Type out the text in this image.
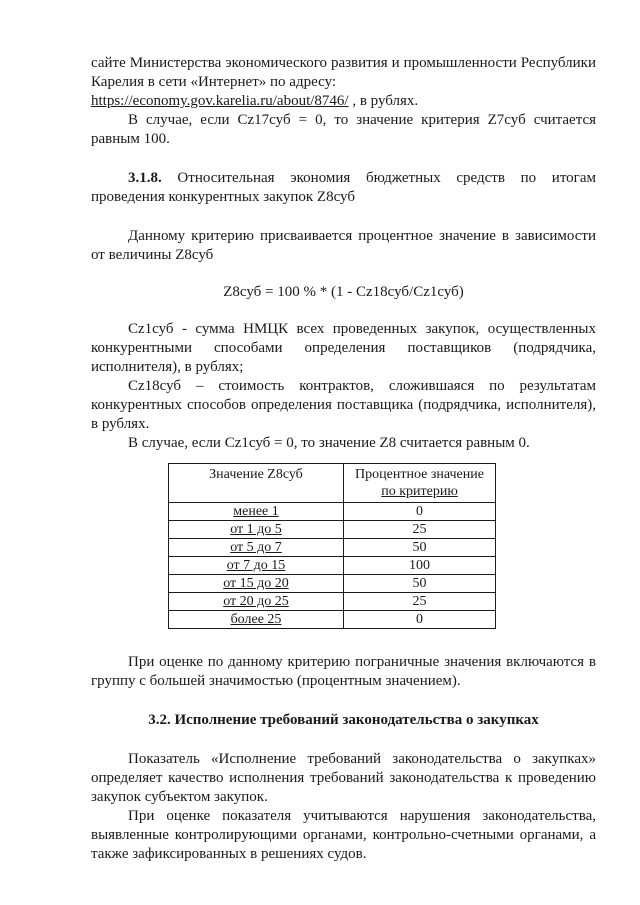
сайте Министерства экономического развития и промышленности Республики Карелия в сети «Интернет» по адресу:
https://economy.gov.karelia.ru/about/8746/ , в рублях.

В случае, если Cz17суб = 0, то значение критерия Z7суб считается равным 100.

3.1.8. Относительная экономия бюджетных средств по итогам проведения конкурентных закупок Z8суб

Данному критерию присваивается процентное значение в зависимости от величины Z8суб

Z8суб = 100 % * (1 - Cz18суб/Cz1суб)

Cz1суб - сумма НМЦК всех проведенных закупок, осуществленных конкурентными способами определения поставщиков (подрядчика, исполнителя), в рублях;

Cz18суб – стоимость контрактов, сложившаяся по результатам конкурентных способов определения поставщика (подрядчика, исполнителя), в рублях.

В случае, если Cz1суб = 0, то значение Z8 считается равным 0.

Значение Z8суб	Процентное значение
по критерию
менее 1	0
от 1 до 5	25
от 5 до 7	50
от 7 до 15	100
от 15 до 20	50
от 20 до 25	25
более 25	0

При оценке по данному критерию пограничные значения включаются в группу с большей значимостью (процентным значением).

3.2. Исполнение требований законодательства о закупках

Показатель «Исполнение требований законодательства о закупках» определяет качество исполнения требований законодательства к проведению закупок субъектом закупок.

При оценке показателя учитываются нарушения законодательства, выявленные контролирующими органами, контрольно-счетными органами, а также зафиксированных в решениях судов.
